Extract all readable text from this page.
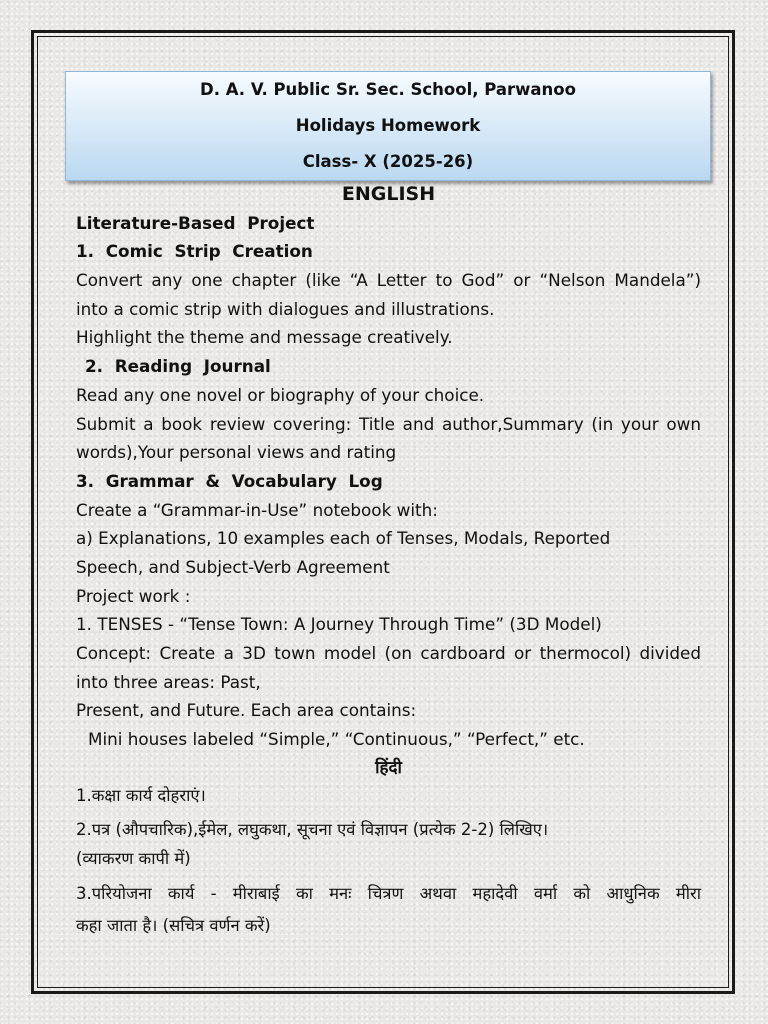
D. A. V. Public Sr. Sec. School, Parwanoo
Holidays Homework
Class- X (2025-26)
ENGLISH
Literature-Based  Project
1.  Comic  Strip  Creation
Convert any one chapter (like “A Letter to God” or “Nelson Mandela”)
into a comic strip with dialogues and illustrations.
Highlight the theme and message creatively.
2.  Reading  Journal
Read any one novel or biography of your choice.
Submit a book review covering: Title and author,Summary (in your own
words),Your personal views and rating
3.  Grammar  &  Vocabulary  Log
Create a “Grammar-in-Use” notebook with:
a) Explanations, 10 examples each of Tenses, Modals, Reported
Speech, and Subject-Verb Agreement
Project work :
1. TENSES - “Tense Town: A Journey Through Time” (3D Model)
Concept: Create a 3D town model (on cardboard or thermocol) divided
into three areas: Past,
Present, and Future. Each area contains:
Mini houses labeled “Simple,” “Continuous,” “Perfect,” etc.
हिंदी
1.कक्षा कार्य दोहराएं।
2.पत्र (औपचारिक),ईमेल, लघुकथा, सूचना एवं विज्ञापन (प्रत्येक 2-2) लिखिए।
(व्याकरण कापी में)
3.परियोजना कार्य - मीराबाई का मनः चित्रण अथवा महादेवी वर्मा को आधुनिक मीरा
कहा जाता है। (सचित्र वर्णन करें)
